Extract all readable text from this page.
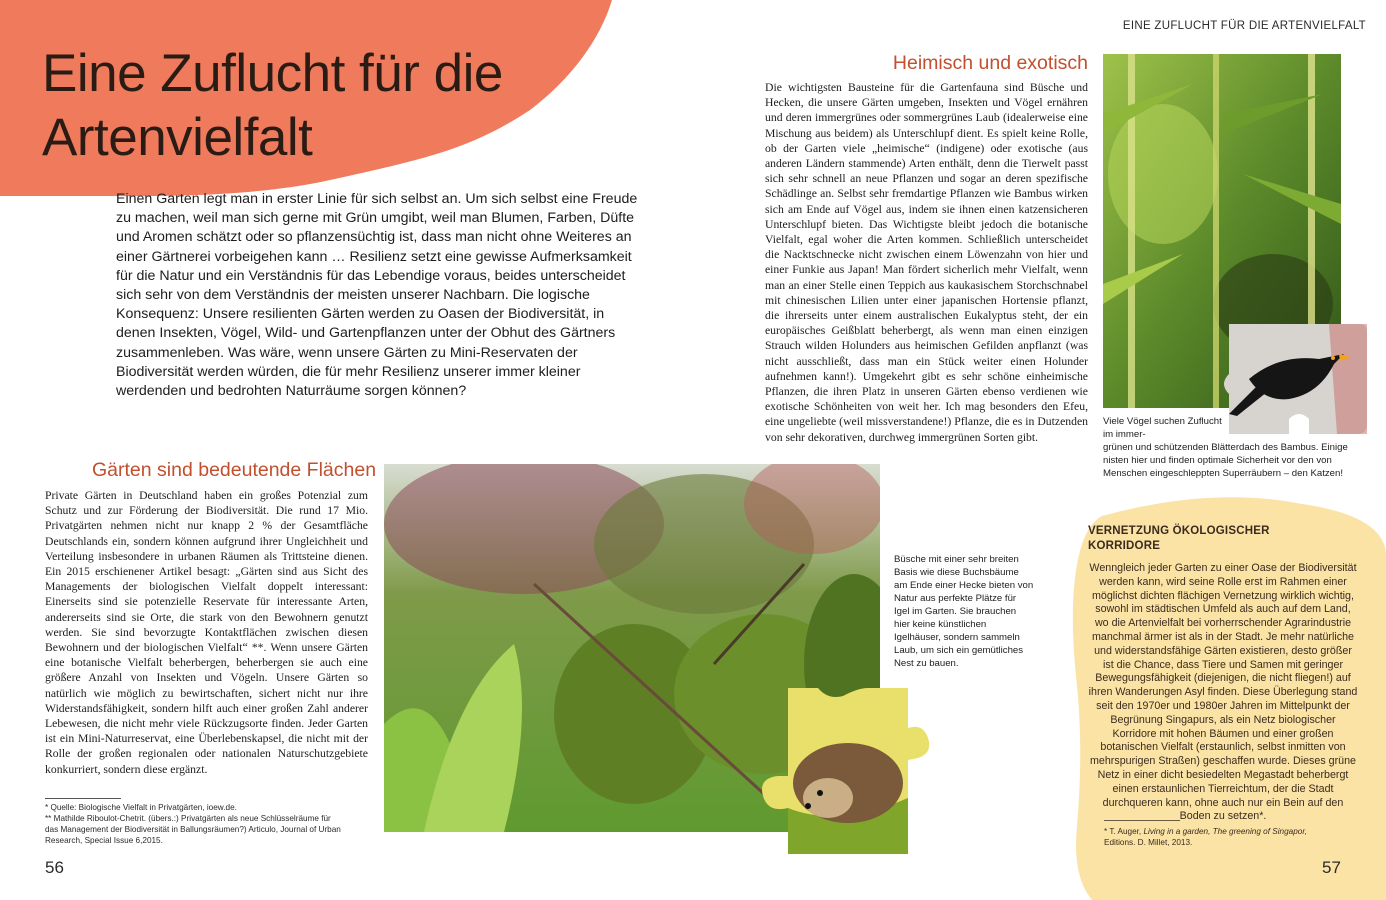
Eine Zuflucht für die
Artenvielfalt
EINE ZUFLUCHT FÜR DIE ARTENVIELFALT

Einen Garten legt man in erster Linie für sich selbst an. Um sich selbst eine Freude zu machen, weil man sich gerne mit Grün umgibt, weil man Blumen, Farben, Düfte und Aromen schätzt oder so pflanzensüchtig ist, dass man nicht ohne Weiteres an einer Gärtnerei vorbeigehen kann … Resilienz setzt eine gewisse Aufmerksamkeit für die Natur und ein Verständnis für das Lebendige voraus, beides unterscheidet sich sehr von dem Verständnis der meisten unserer Nachbarn. Die logische Konsequenz: Unsere resilienten Gärten werden zu Oasen der Biodiversität, in denen Insekten, Vögel, Wild- und Gartenpflanzen unter der Obhut des Gärtners zusammenleben. Was wäre, wenn unsere Gärten zu Mini-Reservaten der Biodiversität werden würden, die für mehr Resilienz unserer immer kleiner werdenden und bedrohten Naturräume sorgen können?

Heimisch und exotisch

Die wichtigsten Bausteine für die Gartenfauna sind Büsche und Hecken, die unsere Gärten umgeben, Insekten und Vögel ernähren und deren immergrünes oder sommergrünes Laub (idealerweise eine Mischung aus beidem) als Unterschlupf dient. Es spielt keine Rolle, ob der Garten viele „heimische“ (indigene) oder exotische (aus anderen Ländern stammende) Arten enthält, denn die Tierwelt passt sich sehr schnell an neue Pflanzen und sogar an deren spezifische Schädlinge an. Selbst sehr fremdartige Pflanzen wie Bambus wirken sich am Ende auf Vögel aus, indem sie ihnen einen katzensicheren Unterschlupf bieten. Das Wichtigste bleibt jedoch die botanische Vielfalt, egal woher die Arten kommen. Schließlich unterscheidet die Nacktschnecke nicht zwischen einem Löwenzahn von hier und einer Funkie aus Japan! Man fördert sicherlich mehr Vielfalt, wenn man an einer Stelle einen Teppich aus kaukasischem Storchschnabel mit chinesischen Lilien unter einer japanischen Hortensie pflanzt, die ihrerseits unter einem australischen Eukalyptus steht, der ein europäisches Geißblatt beherbergt, als wenn man einen einzigen Strauch wilden Holunders aus heimischen Gefilden anpflanzt (was nicht ausschließt, dass man ein Stück weiter einen Holunder aufnehmen kann!). Umgekehrt gibt es sehr schöne einheimische Pflanzen, die ihren Platz in unseren Gärten ebenso verdienen wie exotische Schönheiten von weit her. Ich mag besonders den Efeu, eine ungeliebte (weil missverstandene!) Pflanze, die es in Dutzenden von sehr dekorativen, durchweg immergrünen Sorten gibt.

Viele Vögel suchen Zuflucht im immer-
grünen und schützenden Blätterdach des Bambus. Einige nisten hier und finden optimale Sicherheit vor den von Menschen eingeschleppten Superräubern – den Katzen!

Gärten sind bedeutende Flächen

Private Gärten in Deutschland haben ein großes Potenzial zum Schutz und zur Förderung der Biodiversität. Die rund 17 Mio. Privatgärten nehmen nicht nur knapp 2 % der Gesamtfläche Deutschlands ein, sondern können aufgrund ihrer Ungleichheit und Verteilung insbesondere in urbanen Räumen als Trittsteine dienen. Ein 2015 erschienener Artikel besagt: „Gärten sind aus Sicht des Managements der biologischen Vielfalt doppelt interessant: Einerseits sind sie potenzielle Reservate für interessante Arten, andererseits sind sie Orte, die stark von den Bewohnern genutzt werden. Sie sind bevorzugte Kontaktflächen zwischen diesen Bewohnern und der biologischen Vielfalt“ **. Wenn unsere Gärten eine botanische Vielfalt beherbergen, beherbergen sie auch eine größere Anzahl von Insekten und Vögeln. Unsere Gärten so natürlich wie möglich zu bewirtschaften, sichert nicht nur ihre Widerstandsfähigkeit, sondern hilft auch einer großen Zahl anderer Lebewesen, die nicht mehr viele Rückzugsorte finden. Jeder Garten ist ein Mini-Naturreservat, eine Überlebenskapsel, die nicht mit der Rolle der großen regionalen oder nationalen Naturschutzgebiete konkurriert, sondern diese ergänzt.

Büsche mit einer sehr breiten Basis wie diese Buchsbäume am Ende einer Hecke bieten von Natur aus perfekte Plätze für Igel im Garten. Sie brauchen hier keine künstlichen Igelhäuser, sondern sammeln Laub, um sich ein gemütliches Nest zu bauen.

* Quelle: Biologische Vielfalt in Privatgärten, ioew.de.
** Mathilde Riboulot-Chetrit. (übers.:) Privatgärten als neue Schlüsselräume für das Management der Biodiversität in Ballungsräumen?) Articulo, Journal of Urban Research, Special Issue 6,2015.
56
VERNETZUNG ÖKOLOGISCHER KORRIDORE

Wenngleich jeder Garten zu einer Oase der Biodiversität werden kann, wird seine Rolle erst im Rahmen einer möglichst dichten flächigen Vernetzung wirklich wichtig, sowohl im städtischen Umfeld als auch auf dem Land, wo die Artenvielfalt bei vorherrschender Agrarindustrie manchmal ärmer ist als in der Stadt. Je mehr natürliche und widerstandsfähige Gärten existieren, desto größer ist die Chance, dass Tiere und Samen mit geringer Bewegungsfähigkeit (diejenigen, die nicht fliegen!) auf ihren Wanderungen Asyl finden. Diese Überlegung stand seit den 1970er und 1980er Jahren im Mittelpunkt der Begrünung Singapurs, als ein Netz biologischer Korridore mit hohen Bäumen und einer großen botanischen Vielfalt (erstaunlich, selbst inmitten von mehrspurigen Straßen) geschaffen wurde. Dieses grüne Netz in einer dicht besiedelten Megastadt beherbergt einen erstaunlichen Tierreichtum, der die Stadt durchqueren kann, ohne auch nur ein Bein auf den Boden zu setzen*.

* T. Auger, Living in a garden, The greening of Singapor, Editions. D. Millet, 2013.
57
